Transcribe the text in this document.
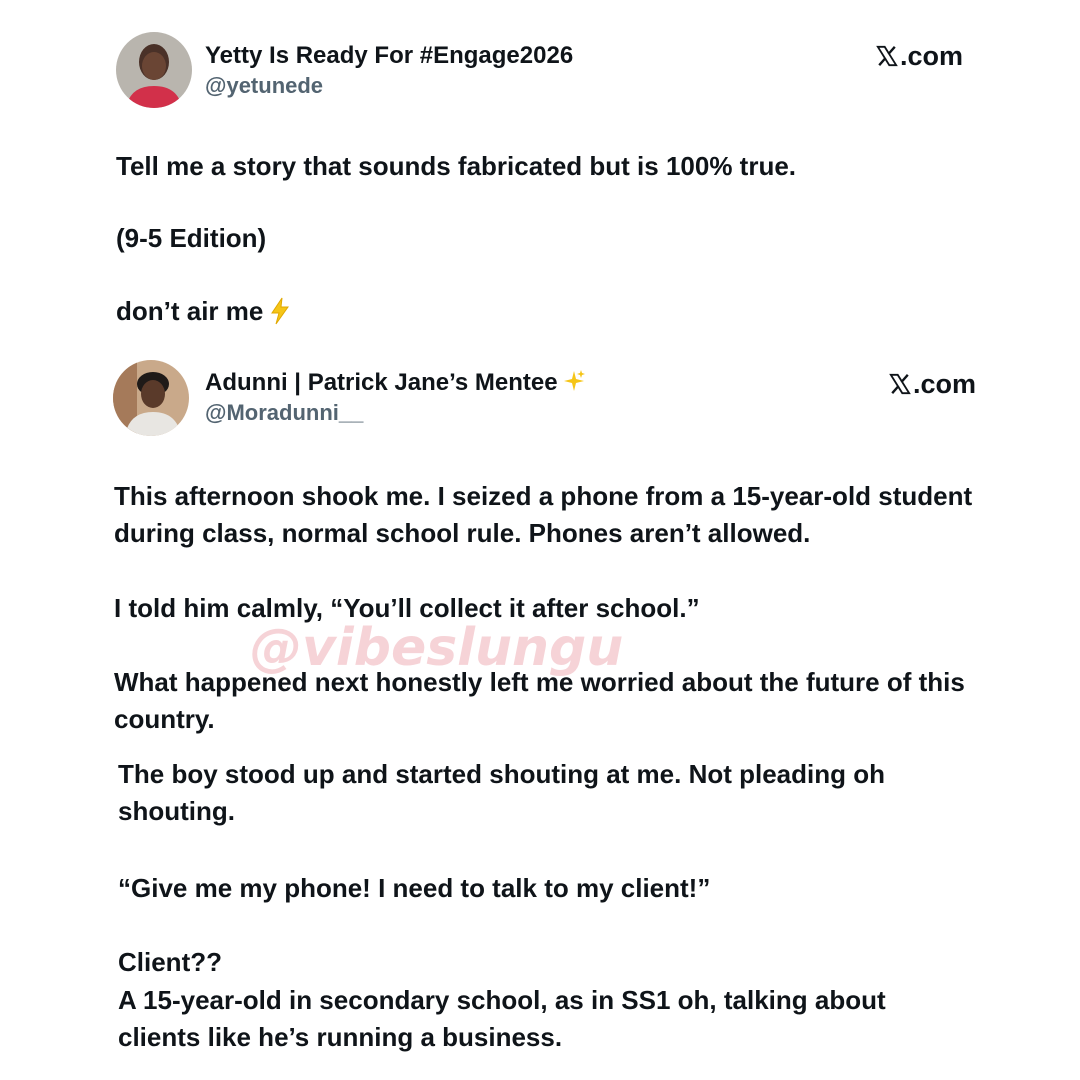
Yetty Is Ready For #Engage2026
@yetunede
.com
Tell me a story that sounds fabricated but is 100% true.
(9-5 Edition)
don’t air me
Adunni | Patrick Jane’s Mentee
@Moradunni__
.com
This afternoon shook me. I seized a phone from a 15-year-old student during class, normal school rule. Phones aren’t allowed.
I told him calmly, “You’ll collect it after school.”
What happened next honestly left me worried about the future of this country.
The boy stood up and started shouting at me. Not pleading oh shouting.
“Give me my phone! I need to talk to my client!”
Client??
A 15-year-old in secondary school, as in SS1 oh, talking about clients like he’s running a business.
@vibeslungu
